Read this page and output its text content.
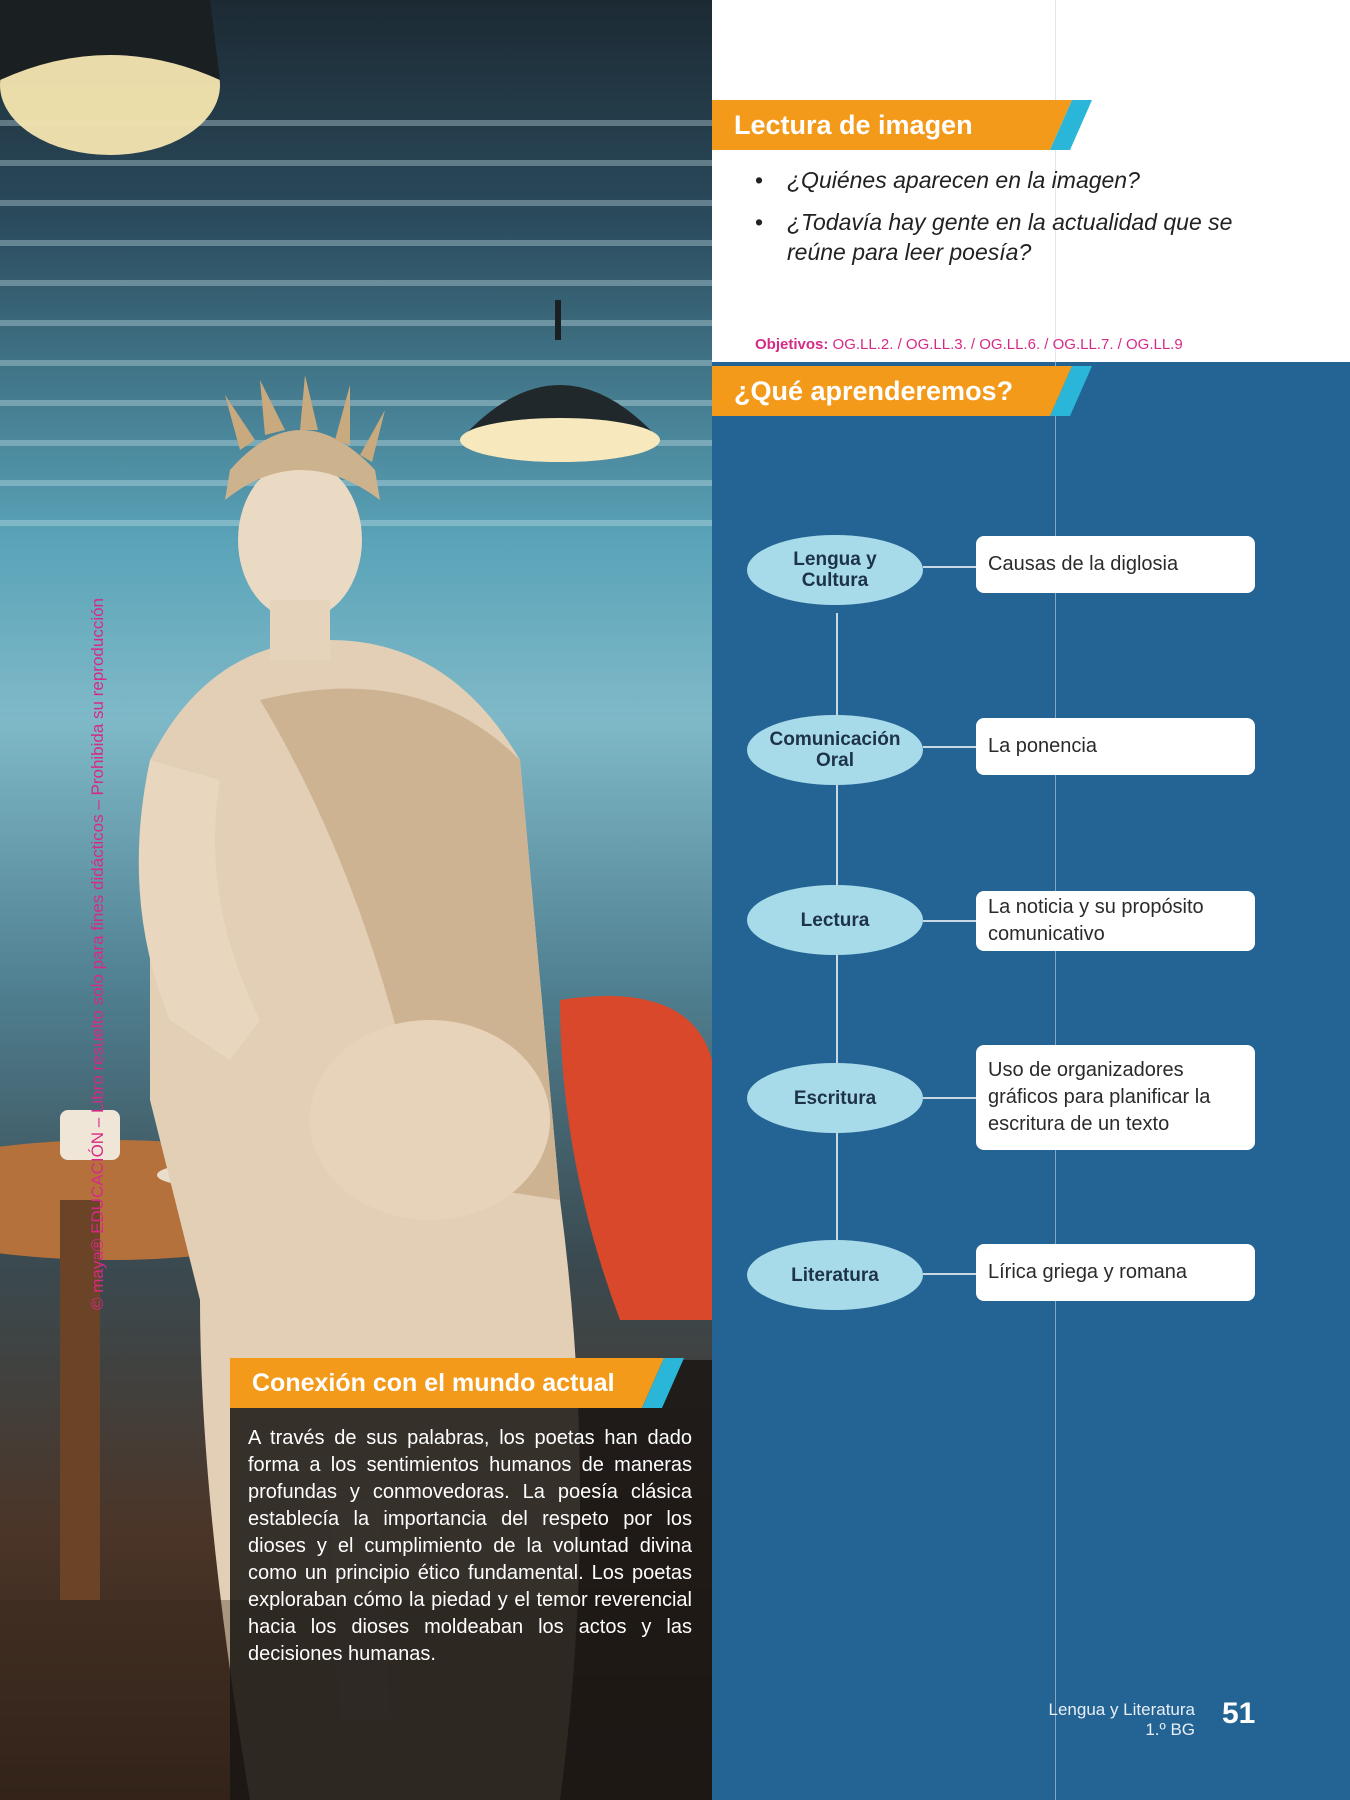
© maya® EDUCACIÓN – Libro resuelto solo para fines didácticos – Prohibida su reproducción
Lectura de imagen
• ¿Quiénes aparecen en la imagen?
• ¿Todavía hay gente en la actualidad que se reúne para leer poesía?
Objetivos: OG.LL.2. / OG.LL.3. / OG.LL.6. / OG.LL.7. / OG.LL.9
¿Qué aprenderemos?
Lengua y Cultura
Causas de la diglosia
Comunicación Oral
La ponencia
Lectura
La noticia y su propósito comunicativo
Escritura
Uso de organizadores gráficos para planificar la escritura de un texto
Literatura	Lírica griega y romana
Conexión con el mundo actual
A través de sus palabras, los poetas han dado forma a los sentimientos humanos de maneras profundas y conmovedoras. La poesía clásica establecía la importancia del respeto por los dioses y el cumplimiento de la voluntad divina como un principio ético fundamental. Los poetas exploraban cómo la piedad y el temor reverencial hacia los dioses moldeaban los actos y las decisiones humanas.
Lengua y Literatura
1.º BG 51
